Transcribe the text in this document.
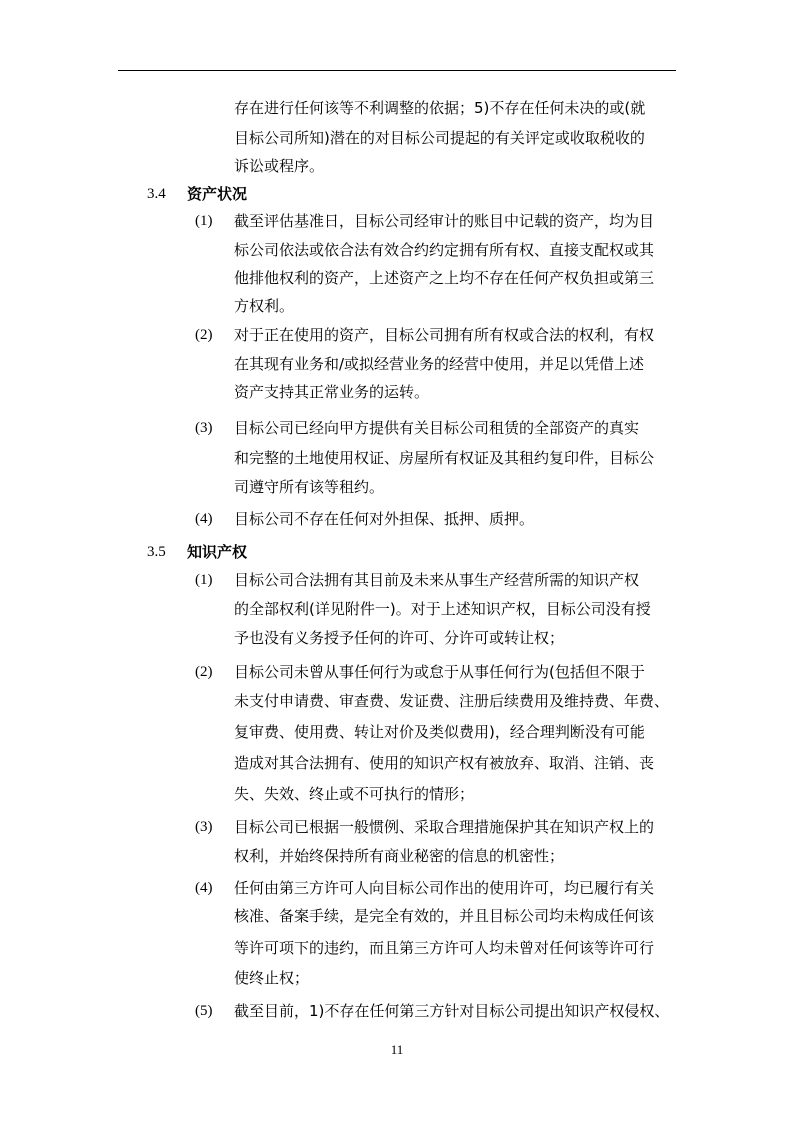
存在进行任何该等不利调整的依据；5)不存在任何未决的或(就
目标公司所知)潜在的对目标公司提起的有关评定或收取税收的
诉讼或程序。
3.4 资产状况
(1) 截至评估基准日，目标公司经审计的账目中记载的资产，均为目
标公司依法或依合法有效合约约定拥有所有权、直接支配权或其
他排他权利的资产，上述资产之上均不存在任何产权负担或第三
方权利。
(2) 对于正在使用的资产，目标公司拥有所有权或合法的权利，有权
在其现有业务和/或拟经营业务的经营中使用，并足以凭借上述
资产支持其正常业务的运转。
(3) 目标公司已经向甲方提供有关目标公司租赁的全部资产的真实
和完整的土地使用权证、房屋所有权证及其租约复印件，目标公
司遵守所有该等租约。
(4) 目标公司不存在任何对外担保、抵押、质押。
3.5 知识产权
(1) 目标公司合法拥有其目前及未来从事生产经营所需的知识产权
的全部权利(详见附件一)。对于上述知识产权，目标公司没有授
予也没有义务授予任何的许可、分许可或转让权；
(2) 目标公司未曾从事任何行为或怠于从事任何行为(包括但不限于
未支付申请费、审查费、发证费、注册后续费用及维持费、年费、
复审费、使用费、转让对价及类似费用)，经合理判断没有可能
造成对其合法拥有、使用的知识产权有被放弃、取消、注销、丧
失、失效、终止或不可执行的情形；
(3) 目标公司已根据一般惯例、采取合理措施保护其在知识产权上的
权利，并始终保持所有商业秘密的信息的机密性；
(4) 任何由第三方许可人向目标公司作出的使用许可，均已履行有关
核准、备案手续，是完全有效的，并且目标公司均未构成任何该
等许可项下的违约，而且第三方许可人均未曾对任何该等许可行
使终止权；
(5) 截至目前，1)不存在任何第三方针对目标公司提出知识产权侵权、
11
